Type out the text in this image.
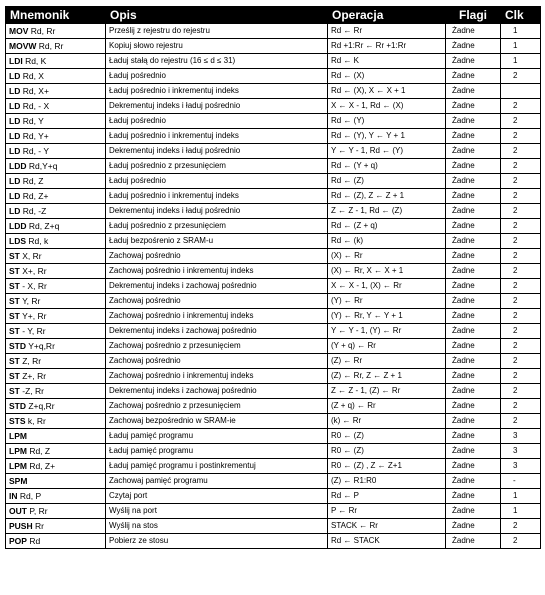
Mnemonik	Opis	Operacja	Flagi	Clk
MOV Rd, Rr	Prześlij z rejestru do rejestru	Rd ← Rr	Żadne	1
MOVW Rd, Rr	Kopiuj słowo rejestru	Rd +1:Rr ← Rr +1:Rr	Żadne	1
LDI Rd, K	Ładuj stałą do rejestru (16 ≤ d ≤ 31)	Rd ← K	Żadne	1
LD Rd, X	Ładuj pośrednio	Rd ← (X)	Żadne	2
LD Rd, X+	Ładuj pośrednio i inkrementuj indeks	Rd ← (X), X ← X + 1	Żadne	
LD Rd, - X	Dekrementuj indeks i ładuj pośrednio	X ← X - 1, Rd ← (X)	Żadne	2
LD Rd, Y	Ładuj pośrednio	Rd ← (Y)	Żadne	2
LD Rd, Y+	Ładuj pośrednio i inkrementuj indeks	Rd ← (Y), Y ← Y + 1	Żadne	2
LD Rd, - Y	Dekrementuj indeks i ładuj pośrednio	Y ← Y - 1, Rd ← (Y)	Żadne	2
LDD Rd,Y+q	Ładuj pośrednio z przesunięciem	Rd ← (Y + q)	Żadne	2
LD Rd, Z	Ładuj pośrednio	Rd ← (Z)	Żadne	2
LD Rd, Z+	Ładuj pośrednio i inkrementuj indeks	Rd ← (Z), Z ← Z + 1	Żadne	2
LD Rd, -Z	Dekrementuj indeks i ładuj pośrednio	Z ← Z - 1, Rd ← (Z)	Żadne	2
LDD Rd, Z+q	Ładuj pośrednio z przesunięciem	Rd ← (Z + q)	Żadne	2
LDS Rd, k	Ładuj bezpośrenio z SRAM-u	Rd ← (k)	Żadne	2
ST X, Rr	Zachowaj pośrednio	(X) ← Rr	Żadne	2
ST X+, Rr	Zachowaj pośrednio i inkrementuj indeks	(X) ← Rr, X ← X + 1	Żadne	2
ST - X, Rr	Dekrementuj indeks i zachowaj pośrednio	X ← X - 1, (X) ← Rr	Żadne	2
ST Y, Rr	Zachowaj pośrednio	(Y) ← Rr	Żadne	2
ST Y+, Rr	Zachowaj pośrednio i inkrementuj indeks	(Y) ← Rr, Y ← Y + 1	Żadne	2
ST - Y, Rr	Dekrementuj indeks i zachowaj pośrednio	Y ← Y - 1, (Y) ← Rr	Żadne	2
STD Y+q,Rr	Zachowaj pośrednio z przesunięciem	(Y + q) ← Rr	Żadne	2
ST Z, Rr	Zachowaj pośrednio	(Z) ← Rr	Żadne	2
ST Z+, Rr	Zachowaj pośrednio i inkrementuj indeks	(Z) ← Rr, Z ← Z + 1	Żadne	2
ST -Z, Rr	Dekrementuj indeks i zachowaj pośrednio	Z ← Z - 1, (Z) ← Rr	Żadne	2
STD Z+q,Rr	Zachowaj pośrednio z przesunięciem	(Z + q) ← Rr	Żadne	2
STS k, Rr	Zachowaj bezpośrednio w SRAM-ie	(k) ← Rr	Żadne	2
LPM	Ładuj pamięć programu	R0 ← (Z)	Żadne	3
LPM Rd, Z	Ładuj pamięć programu	R0 ← (Z)	Żadne	3
LPM Rd, Z+	Ładuj pamięć programu i postinkrementuj	R0 ← (Z) , Z ← Z+1	Żadne	3
SPM	Zachowaj pamięć programu	(Z) ← R1:R0	Żadne	-
IN Rd, P	Czytaj port	Rd ← P	Żadne	1
OUT P, Rr	Wyślij na port	P ← Rr	Żadne	1
PUSH Rr	Wyślij na stos	STACK ← Rr	Żadne	2
POP Rd	Pobierz ze stosu	Rd ← STACK	Żadne	2
